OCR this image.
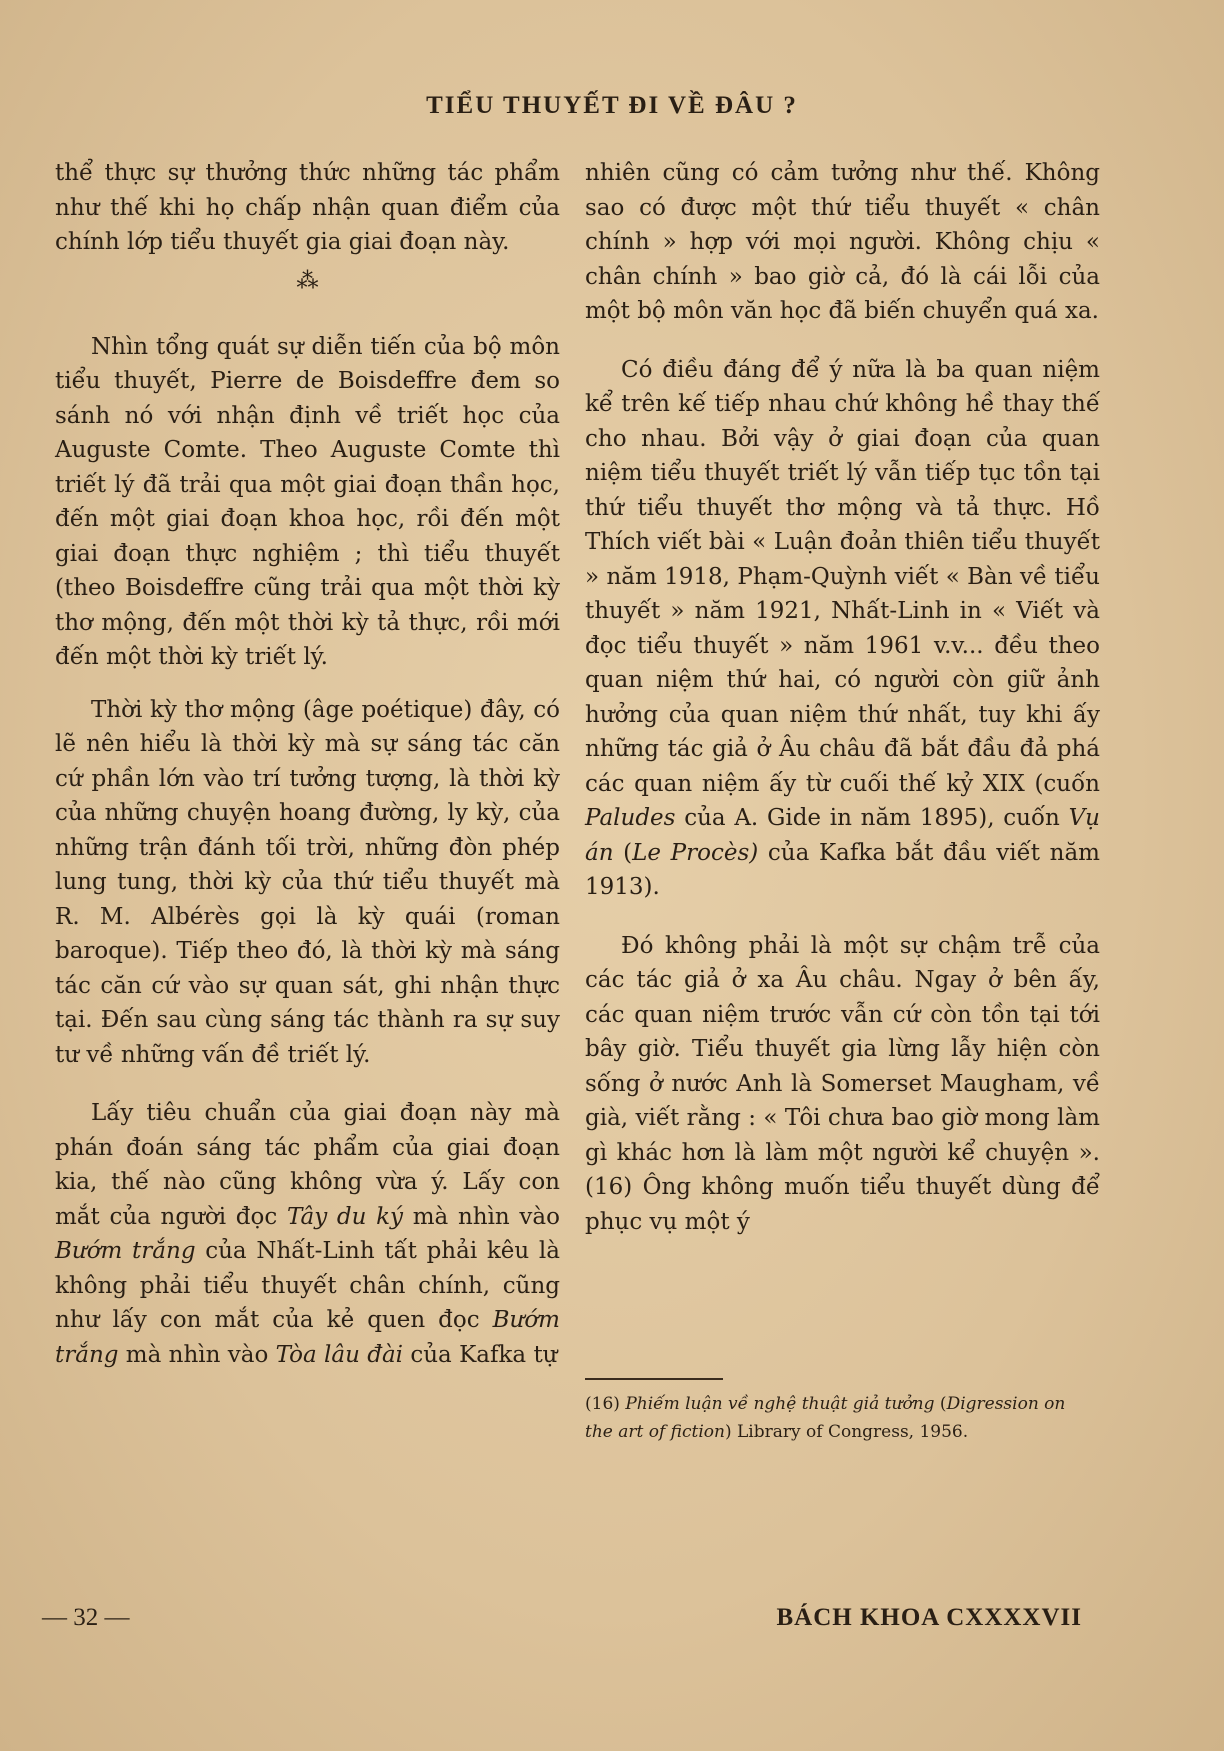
TIỂU THUYẾT ĐI VỀ ĐÂU ?

thể thực sự thưởng thức những tác phẩm như thế khi họ chấp nhận quan điểm của chính lớp tiểu thuyết gia giai đoạn này.

⁂

Nhìn tổng quát sự diễn tiến của bộ môn tiểu thuyết, Pierre de Boisdeffre đem so sánh nó với nhận định về triết học của Auguste Comte. Theo Auguste Comte thì triết lý đã trải qua một giai đoạn thần học, đến một giai đoạn khoa học, rồi đến một giai đoạn thực nghiệm ; thì tiểu thuyết (theo Boisdeffre cũng trải qua một thời kỳ thơ mộng, đến một thời kỳ tả thực, rồi mới đến một thời kỳ triết lý.

Thời kỳ thơ mộng (âge poétique) đây, có lẽ nên hiểu là thời kỳ mà sự sáng tác căn cứ phần lớn vào trí tưởng tượng, là thời kỳ của những chuyện hoang đường, ly kỳ, của những trận đánh tối trời, những đòn phép lung tung, thời kỳ của thứ tiểu thuyết mà R. M. Albérès gọi là kỳ quái (roman baroque). Tiếp theo đó, là thời kỳ mà sáng tác căn cứ vào sự quan sát, ghi nhận thực tại. Đến sau cùng sáng tác thành ra sự suy tư về những vấn đề triết lý.

Lấy tiêu chuẩn của giai đoạn này mà phán đoán sáng tác phẩm của giai đoạn kia, thế nào cũng không vừa ý. Lấy con mắt của người đọc Tây du ký mà nhìn vào Bướm trắng của Nhất-Linh tất phải kêu là không phải tiểu thuyết chân chính, cũng như lấy con mắt của kẻ quen đọc Bướm trắng mà nhìn vào Tòa lâu đài của Kafka tự

nhiên cũng có cảm tưởng như thế. Không sao có được một thứ tiểu thuyết « chân chính » hợp với mọi người. Không chịu « chân chính » bao giờ cả, đó là cái lỗi của một bộ môn văn học đã biến chuyển quá xa.

Có điều đáng để ý nữa là ba quan niệm kể trên kế tiếp nhau chứ không hề thay thế cho nhau. Bởi vậy ở giai đoạn của quan niệm tiểu thuyết triết lý vẫn tiếp tục tồn tại thứ tiểu thuyết thơ mộng và tả thực. Hồ Thích viết bài « Luận đoản thiên tiểu thuyết » năm 1918, Phạm-Quỳnh viết « Bàn về tiểu thuyết » năm 1921, Nhất-Linh in « Viết và đọc tiểu thuyết » năm 1961 v.v... đều theo quan niệm thứ hai, có người còn giữ ảnh hưởng của quan niệm thứ nhất, tuy khi ấy những tác giả ở Âu châu đã bắt đầu đả phá các quan niệm ấy từ cuối thế kỷ XIX (cuốn Paludes của A. Gide in năm 1895), cuốn Vụ án (Le Procès) của Kafka bắt đầu viết năm 1913).

Đó không phải là một sự chậm trễ của các tác giả ở xa Âu châu. Ngay ở bên ấy, các quan niệm trước vẫn cứ còn tồn tại tới bây giờ. Tiểu thuyết gia lừng lẫy hiện còn sống ở nước Anh là Somerset Maugham, về già, viết rằng : « Tôi chưa bao giờ mong làm gì khác hơn là làm một người kể chuyện ». (16) Ông không muốn tiểu thuyết dùng để phục vụ một ý

(16) Phiếm luận về nghệ thuật giả tưởng (Digression on the art of fiction) Library of Congress, 1956.
— 32 —	BÁCH KHOA CXXXXVII
